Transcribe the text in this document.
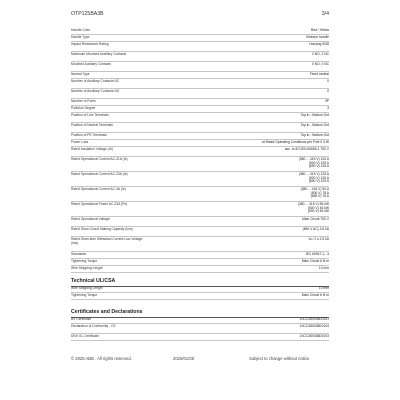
OTP125BA3B	3/4
Handle Color	Red / Yellow
Handle Type	Selector handle
Impact Resistance Rating	Housing IK08
Maximum Mounted Auxiliary Contacts	2 NO, 2 NC
Mounted Auxiliary Contacts	0 NO, 0 NC
Neutral Type	Fixed neutral
Number of Auxiliary Contacts NC	0
Number of Auxiliary Contacts NO	0
Number of Poles	3P
Pollution Degree	3
Position of Line Terminals	Top in - Bottom Out
Position of Neutral Terminals	Top in - Bottom Out
Position of PE Terminals	Top in - Bottom Out
Power Loss	at Rated Operating Conditions per Pole 0.3 W
Rated Insulation Voltage (Ui)	acc. to IEC/EN 60669-1 750 V
Rated Operational Current AC-21A (Ie)	(380 ... 415 V) 125 A
(500 V) 125 A
(690 V) 125 A
Rated Operational Current AC-23A (Ie)	(380 ... 415 V) 125 A
(500 V) 125 A
(690 V) 125 A
Rated Operational Current AC-3A (Ie)	(380 ... 415 V) 90 A
(500 V) 78 A
(690 V) 78 A
Rated Operational Power AC-23A (Pe)	(380 ... 415 V) 55 kW
(500 V) 45 kW
(690 V) 45 kW
Rated Operational Voltage	Main Circuit 750 V
Rated Short-Circuit Making Capacity (Icm)	(690 V AC) 3.6 kA
Rated Short-time Withstand Current Low Voltage (Icw)
1s / 2 s 2.5 kA
Standards	IEC 60947-1, -3
Tightening Torque	Main Circuit 6 N·m
Wire Stripping Length	10 mm
Technical UL/CSA
Wire Stripping Length	10 mm
Tightening Torque	Main Circuit 6 N·m
Certificates and Declarations
BV Certificate	1SCC380038D0101
Declaration of Conformity - CE	1SCC380038D0104
DNV GL Certificate	1SCC380038D0103
© 2025 ABB . All rights reserved.	2025/01/08	Subject to change without notice
